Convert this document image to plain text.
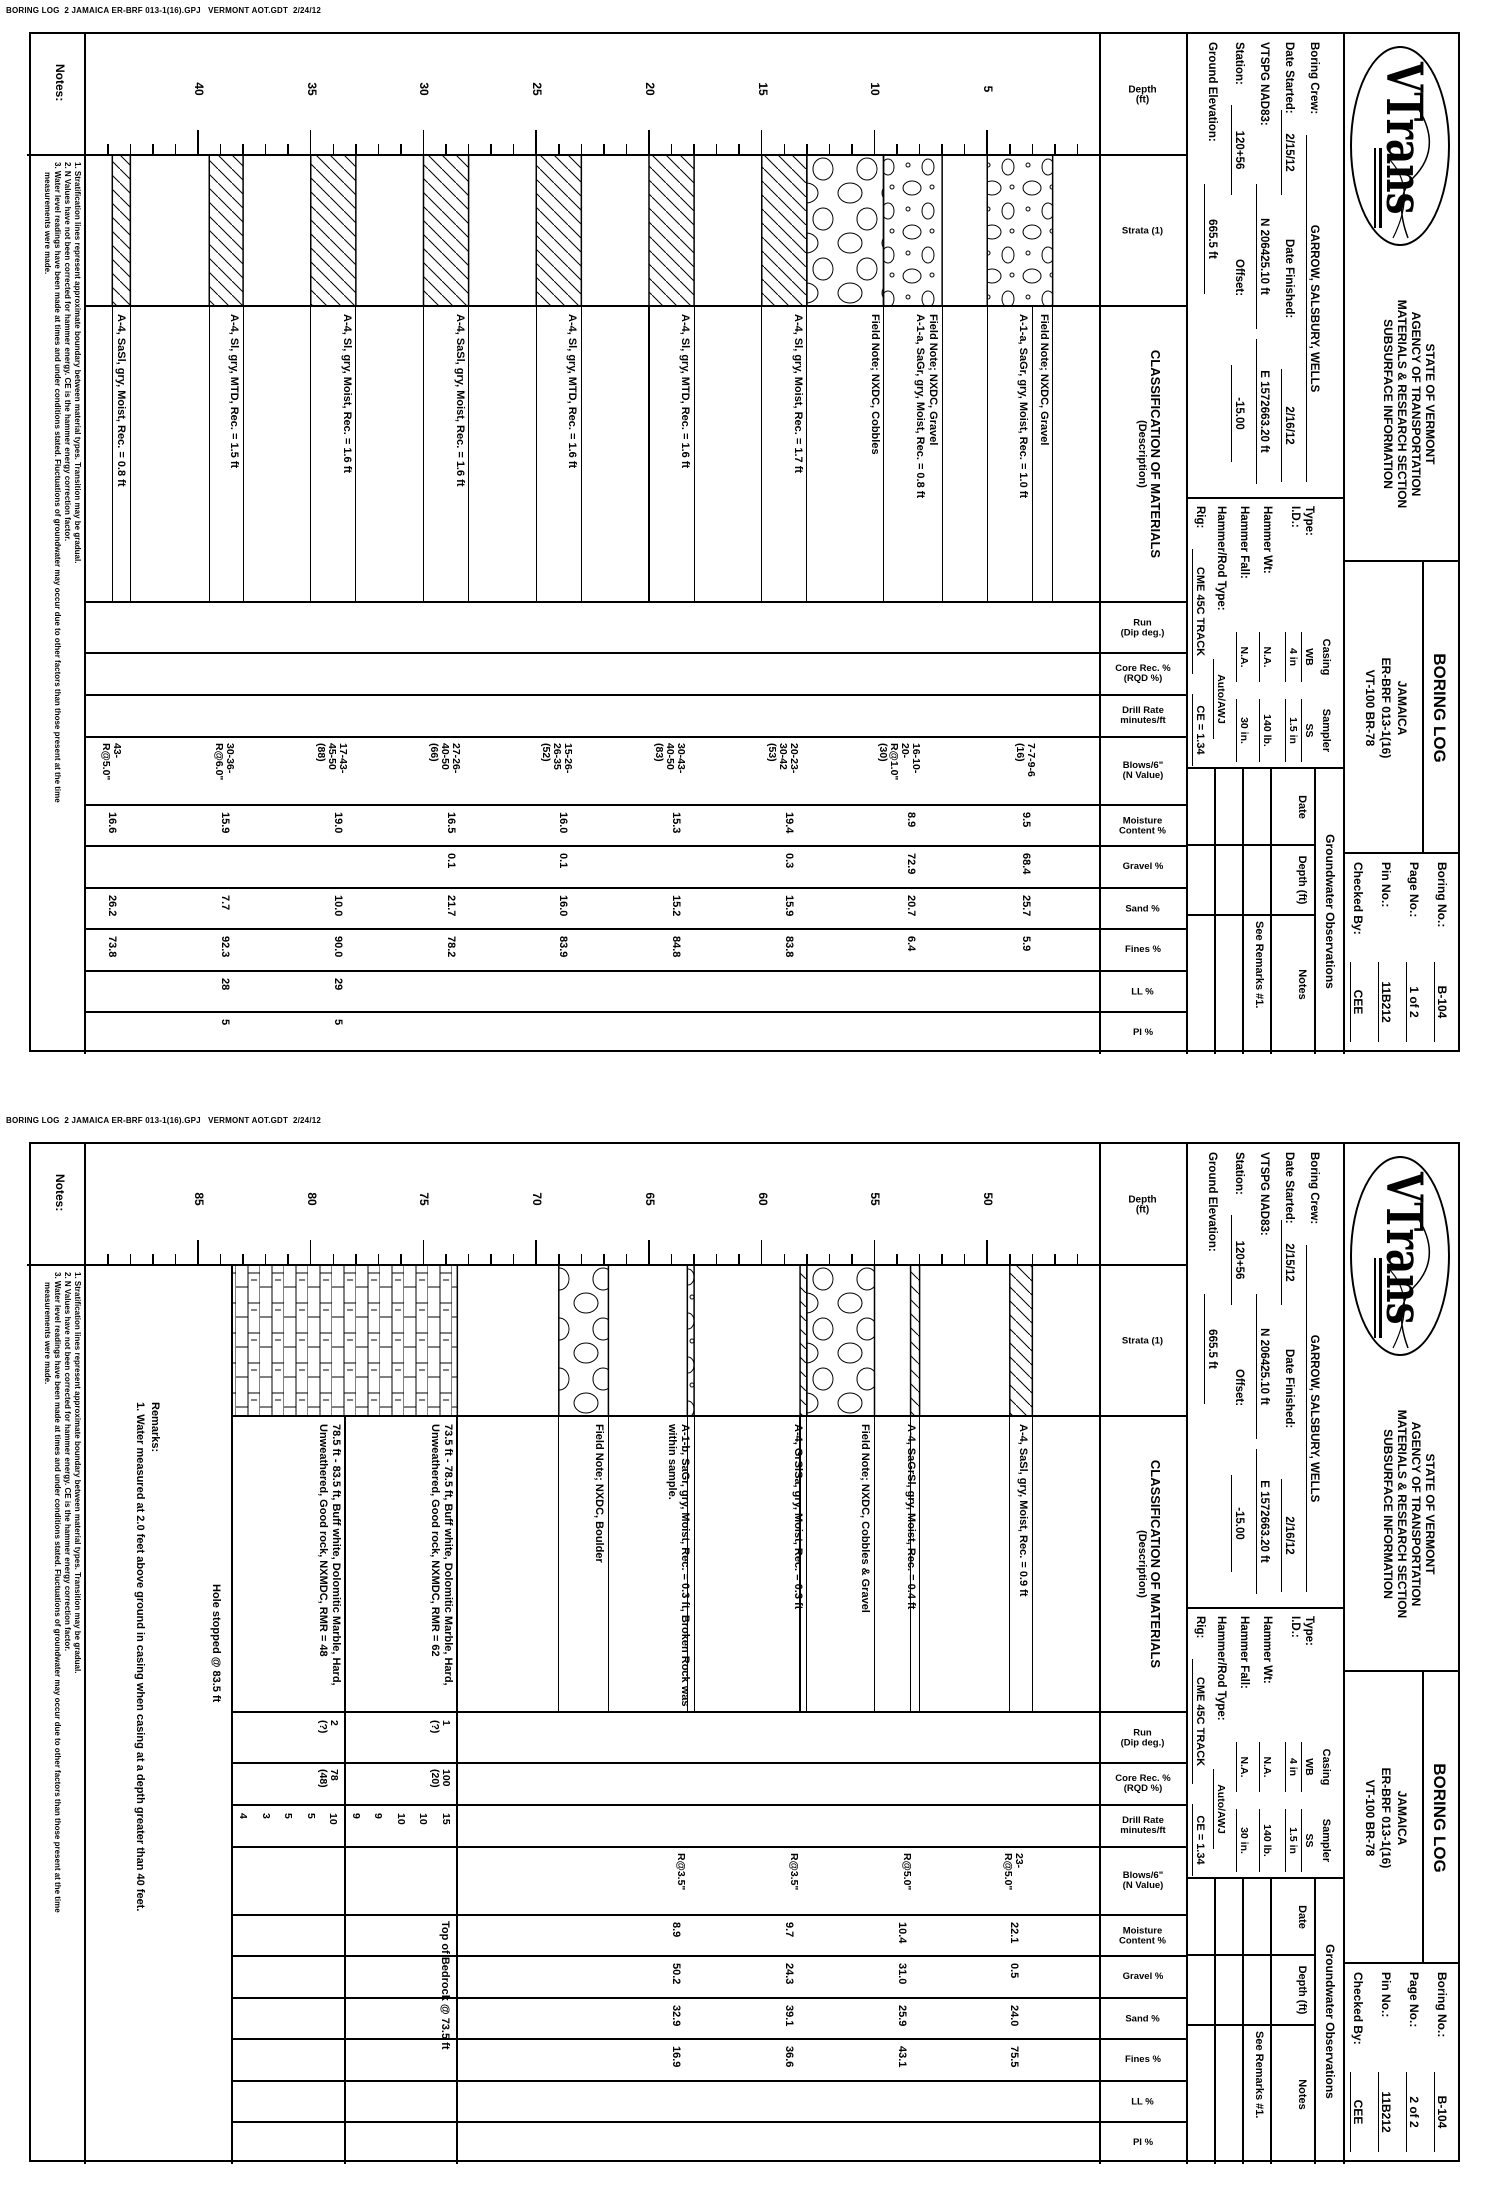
BORING LOG  2 JAMAICA ER-BRF 013-1(16).GPJ   VERMONT AOT.GDT  2/24/12
VTrans
STATE OF VERMONT
AGENCY OF TRANSPORTATION
MATERIALS & RESEARCH SECTION
SUBSURFACE INFORMATION
BORING LOG
JAMAICA
ER-BRF 013-1(16)
VT-100 BR-78
Boring No.:
B-104
Page No.:
1 of 2
Pin No.:
11B212
Checked By:
CEE
Boring Crew:
GARROW, SALSBURY, WELLS
Date Started:
2/15/12
Date Finished:
2/16/12
VTSPG NAD83:
N 206425.10 ft
E 1572663.20 ft
Station:
120+56
Offset:
-15.00
Ground Elevation:
665.5 ft
Casing
Sampler
Type:
I.D.:
Hammer Wt:
Hammer Fall:
Hammer/Rod Type:
Rig:
WB
SS
4 in
1.5 in
N.A.
140 lb.
N.A.
30 in.
Auto/AWJ
CME 45C TRACK
CE = 1.34
Groundwater Observations
Date
Depth (ft)
Notes
See Remarks #1.
Depth
(ft)
Strata (1)
CLASSIFICATION OF MATERIALS
(Description)
Run
(Dip deg.)
Core Rec. %
(RQD %)
Drill Rate
minutes/ft
Blows/6"
(N Value)
Moisture
Content %
Gravel %
Sand %
Fines %
LL %
PI %
5
10
15
20
25
30
35
40
Field Note; NXDC, Gravel
A-1-a, SaGr, gry, Moist, Rec. = 1.0 ft
Field Note; NXDC, Gravel
A-1-a, SaGr, gry, Moist, Rec. = 0.8 ft
Field Note; NXDC, Cobbles
A-4, Sl, gry, Moist, Rec. = 1.7 ft
A-4, Sl, gry, MTD, Rec. = 1.6 ft
A-4, Sl, gry, MTD, Rec. = 1.6 ft
A-4, SaSl, gry, Moist, Rec. = 1.6 ft
A-4, Sl, gry, Moist, Rec. = 1.6 ft
A-4, Sl, gry, MTD, Rec. = 1.5 ft
A-4, SaSl, gry, Moist, Rec. = 0.8 ft
7-7-9-6
(16)
9.5
68.4
25.7
5.9
16-10-
20-
R@1.0"
(30)
8.9
72.9
20.7
6.4
20-23-
30-42
(53)
19.4
0.3
15.9
83.8
30-43-
40-50
(83)
15.3
15.2
84.8
15-26-
26-35
(52)
16.0
0.1
16.0
83.9
27-26-
40-50
(66)
16.5
0.1
21.7
78.2
17-43-
45-50
(88)
19.0
10.0
90.0
29
5
30-36-
R@6.0"
15.9
7.7
92.3
28
5
43-
R@5.0"
16.6
26.2
73.8
Notes:
1. Stratification lines represent approximate boundary between material types. Transition may be gradual.
2. N Values have not been corrected for hammer energy. CE is the hammer energy correction factor.
3. Water level readings have been made at times and under conditions stated. Fluctuations of groundwater may occur due to other factors than those present at the time
measurements were made.
BORING LOG  2 JAMAICA ER-BRF 013-1(16).GPJ   VERMONT AOT.GDT  2/24/12
VTrans
STATE OF VERMONT
AGENCY OF TRANSPORTATION
MATERIALS & RESEARCH SECTION
SUBSURFACE INFORMATION
BORING LOG
JAMAICA
ER-BRF 013-1(16)
VT-100 BR-78
Boring No.:
B-104
Page No.:
2 of 2
Pin No.:
11B212
Checked By:
CEE
Boring Crew:
GARROW, SALSBURY, WELLS
Date Started:
2/15/12
Date Finished:
2/16/12
VTSPG NAD83:
N 206425.10 ft
E 1572663.20 ft
Station:
120+56
Offset:
-15.00
Ground Elevation:
665.5 ft
Casing
Sampler
Type:
I.D.:
Hammer Wt:
Hammer Fall:
Hammer/Rod Type:
Rig:
WB
SS
4 in
1.5 in
N.A.
140 lb.
N.A.
30 in.
Auto/AWJ
CME 45C TRACK
CE = 1.34
Groundwater Observations
Date
Depth (ft)
Notes
See Remarks #1.
Depth
(ft)
Strata (1)
CLASSIFICATION OF MATERIALS
(Description)
Run
(Dip deg.)
Core Rec. %
(RQD %)
Drill Rate
minutes/ft
Blows/6"
(N Value)
Moisture
Content %
Gravel %
Sand %
Fines %
LL %
PI %
50
55
60
65
70
75
80
85
A-4, SaSl, gry, Moist, Rec. = 0.9 ft
A-4, SaGrSl, gry, Moist, Rec. = 0.4 ft
Field Note; NXDC, Cobbles & Gravel
A-4, GrSlSa, gry, Moist, Rec. = 0.3 ft
A-1-b, SaGr, gry, Moist, Rec. = 0.3 ft, Broken Rock was
within sample.
Field Note; NXDC, Boulder
73.5 ft - 78.5 ft, Buff white, Dolomitic Marble, Hard,
Unweathered, Good rock, NXMDC, RMR = 62
78.5 ft - 83.5 ft, Buff white, Dolomitic Marble, Hard,
Unweathered, Good rock, NXMDC, RMR = 48
23-
R@5.0"
22.1
0.5
24.0
75.5
R@5.0"
10.4
31.0
25.9
43.1
R@3.5"
9.7
24.3
39.1
36.6
R@3.5"
8.9
50.2
32.9
16.9
1
(?)
100
(20)
15
10
10
9
9
2
(?)
78
(48)
10
5
5
3
4
Top of Bedrock @ 73.5 ft
Hole stopped @ 83.5 ft
Remarks:
1. Water measured at 2.0 feet above ground in casing when casing at a depth greater than 40 feet.
Notes:
1. Stratification lines represent approximate boundary between material types. Transition may be gradual.
2. N Values have not been corrected for hammer energy. CE is the hammer energy correction factor.
3. Water level readings have been made at times and under conditions stated. Fluctuations of groundwater may occur due to other factors than those present at the time
measurements were made.
